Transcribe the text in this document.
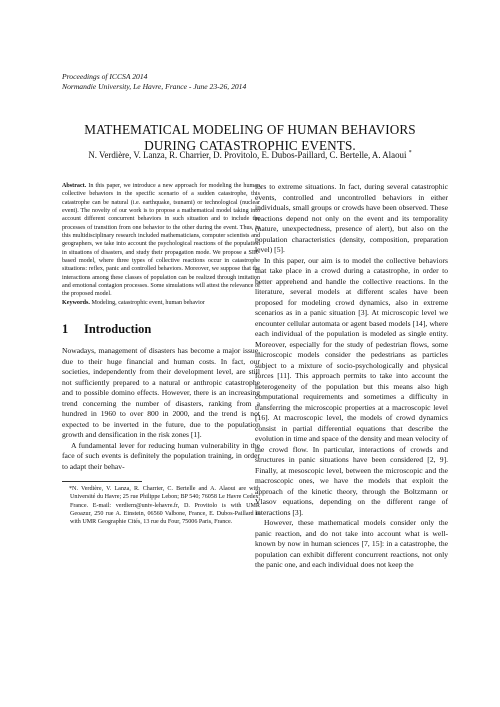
Proceedings of ICCSA 2014
Normandie University, Le Havre, France - June 23-26, 2014
MATHEMATICAL MODELING OF HUMAN BEHAVIORS
DURING CATASTROPHIC EVENTS.
N. Verdière, V. Lanza, R. Charrier, D. Provitolo, E. Dubos-Paillard, C. Bertelle, A. Alaoui *
Abstract. In this paper, we introduce a new approach for modeling the human collective behaviors in the specific scenario of a sudden catastrophe, this catastrophe can be natural (i.e. earthquake, tsunami) or technological (nuclear event). The novelty of our work is to propose a mathematical model taking into account different concurrent behaviors in such situation and to include the processes of transition from one behavior to the other during the event. Thus, in this multidisciplinary research included mathematicians, computer scientists and geographers, we take into account the psychological reactions of the population in situations of disasters, and study their propagation mode. We propose a SIR-based model, where three types of collective reactions occur in catastrophe situations: reflex, panic and controlled behaviors. Moreover, we suppose that the interactions among these classes of population can be realized through imitation and emotional contagion processes. Some simulations will attest the relevance of the proposed model.
Keywords. Modeling, catastrophic event, human behavior
1 Introduction

Nowadays, management of disasters has become a major issue, due to their huge financial and human costs. In fact, our societies, independently from their development level, are still not sufficiently prepared to a natural or anthropic catastrophe and to possible domino effects. However, there is an increasing trend concerning the number of disasters, ranking from a hundred in 1960 to over 800 in 2000, and the trend is not expected to be inverted in the future, due to the population growth and densification in the risk zones [1].

A fundamental lever for reducing human vulnerability in the face of such events is definitely the population training, in order to adapt their behav-

*N. Verdière, V. Lanza, R. Charrier, C. Bertelle and A. Alaoui are with Université du Havre; 25 rue Philippe Lebon; BP 540; 76058 Le Havre Cedex, France. E-mail: verdiern@univ-lehavre.fr, D. Provitolo is with UMR Geoazur, 250 rue A. Einstein, 06560 Valbone, France, E. Dubos-Paillard is with UMR Geographie Cités, 13 rue du Four, 75006 Paris, France.

iors to extreme situations. In fact, during several catastrophic events, controlled and uncontrolled behaviors in either individuals, small groups or crowds have been observed. These reactions depend not only on the event and its temporality (nature, unexpectedness, presence of alert), but also on the population characteristics (density, composition, preparation level) [5].

In this paper, our aim is to model the collective behaviors that take place in a crowd during a catastrophe, in order to better apprehend and handle the collective reactions. In the literature, several models at different scales have been proposed for modeling crowd dynamics, also in extreme scenarios as in a panic situation [3]. At microscopic level we encounter cellular automata or agent based models [14], where each individual of the population is modeled as single entity. Moreover, especially for the study of pedestrian flows, some microscopic models consider the pedestrians as particles subject to a mixture of socio-psychologically and physical forces [11]. This approach permits to take into account the heterogeneity of the population but this means also high computational requirements and sometimes a difficulty in transferring the microscopic properties at a macroscopic level [16]. At macroscopic level, the models of crowd dynamics consist in partial differential equations that describe the evolution in time and space of the density and mean velocity of the crowd flow. In particular, interactions of crowds and structures in panic situations have been considered [2, 9]. Finally, at mesoscopic level, between the microscopic and the macroscopic ones, we have the models that exploit the approach of the kinetic theory, through the Boltzmann or Vlasov equations, depending on the different range of interactions [3].

However, these mathematical models consider only the panic reaction, and do not take into account what is well-known by now in human sciences [7, 15]: in a catastrophe, the population can exhibit different concurrent reactions, not only the panic one, and each individual does not keep the
